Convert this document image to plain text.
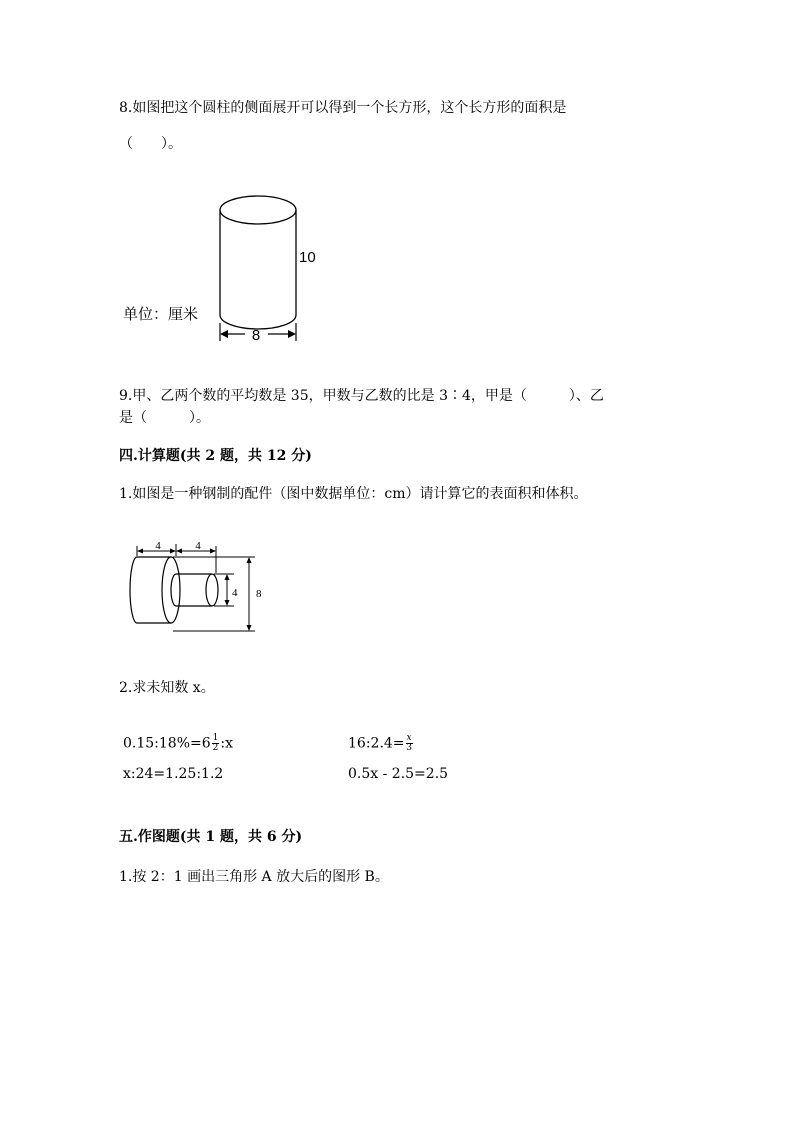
8.如图把这个圆柱的侧面展开可以得到一个长方形，这个长方形的面积是
（　　）。
8
10
单位：厘米
9.甲、乙两个数的平均数是 35，甲数与乙数的比是 3∶4，甲是（　　　）、乙
是（　　　）。
四.计算题(共 2 题，共 12 分)
1.如图是一种钢制的配件（图中数据单位：cm）请计算它的表面积和体积。
4	4
4 8
2.求未知数 x。
0.15:18%=6 $\frac{1}{2}$ :x	16:2.4= $\frac{x}{3}$
x:24=1.25:1.2	0.5x - 2.5=2.5
五.作图题(共 1 题，共 6 分)
1.按 2：1 画出三角形 A 放大后的图形 B。
